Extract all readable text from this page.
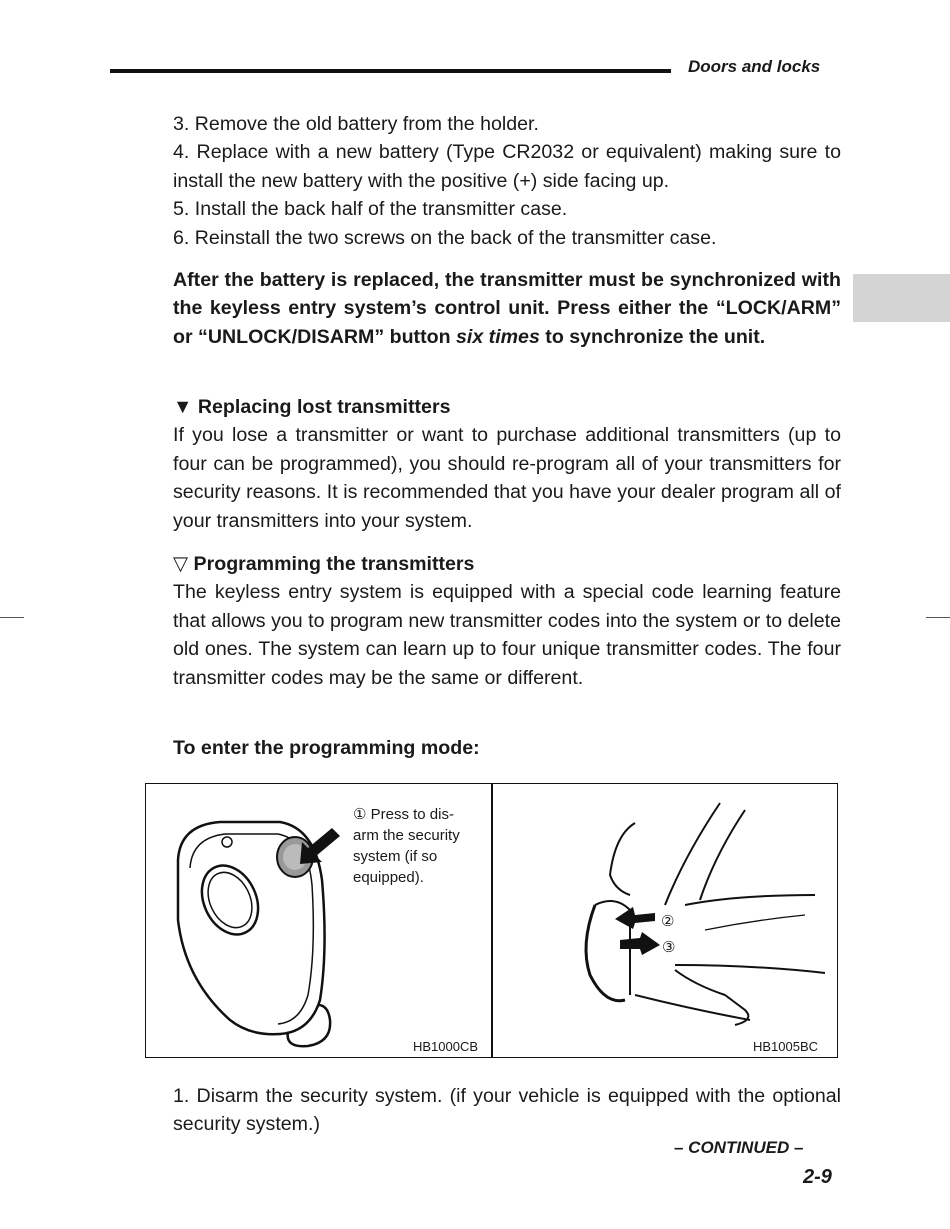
Doors and locks

3. Remove the old battery from the holder.

4. Replace with a new battery (Type CR2032 or equivalent) making sure to install the new battery with the positive (+) side facing up.

5. Install the back half of the transmitter case.

6. Reinstall the two screws on the back of the transmitter case.

After the battery is replaced, the transmitter must be synchronized with the keyless entry system’s control unit. Press either the “LOCK/ARM” or “UNLOCK/DISARM” button six times to synchronize the unit.
▼ Replacing lost transmitters
If you lose a transmitter or want to purchase additional transmitters (up to four can be programmed), you should re-program all of your transmitters for security reasons. It is recommended that you have your dealer program all of your transmitters into your system.
▽ Programming the transmitters
The keyless entry system is equipped with a special code learning feature that allows you to program new transmitter codes into the system or to delete old ones. The system can learn up to four unique transmitter codes. The four transmitter codes may be the same or different.
To enter the programming mode:
① Press to dis-
arm the security
system (if so
equipped).
HB1000CB
②
③
HB1005BC
1. Disarm the security system. (if your vehicle is equipped with the optional security system.)
– CONTINUED –
2-9
